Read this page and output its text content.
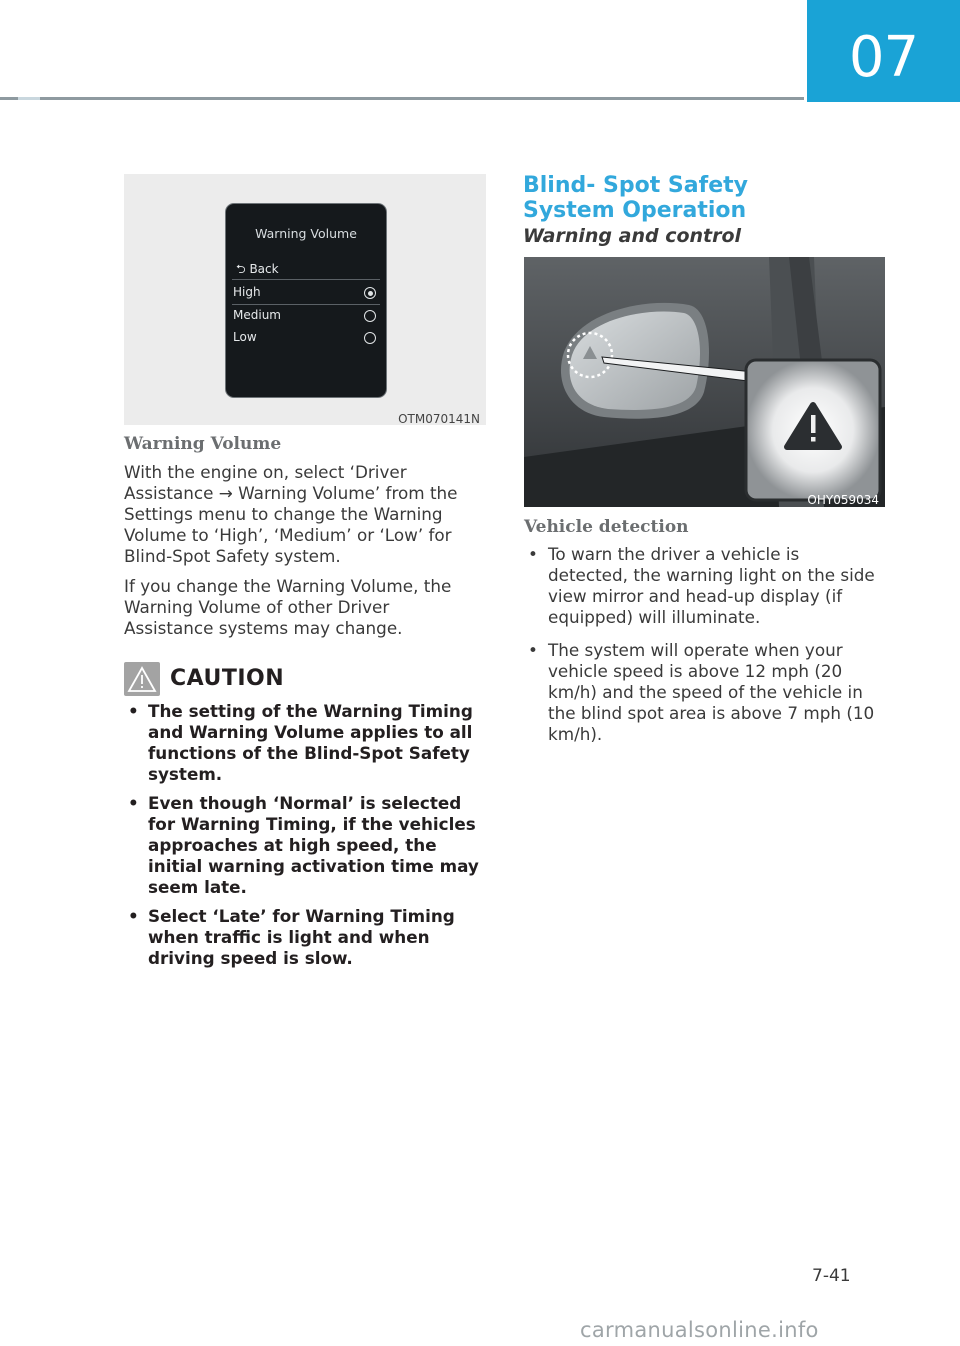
07
Warning Volume
⮌ Back
High
Medium
Low
OTM070141N
Warning Volume

With the engine on, select ‘Driver Assistance → Warning Volume’ from the Settings menu to change the Warning Volume to ‘High’, ‘Medium’ or ‘Low’ for Blind-Spot Safety system.

If you change the Warning Volume, the Warning Volume of other Driver Assistance systems may change.

CAUTION
• The setting of the Warning Timing and Warning Volume applies to all functions of the Blind-Spot Safety system.
• Even though ‘Normal’ is selected for Warning Timing, if the vehicles approaches at high speed, the initial warning activation time may seem late.
• Select ‘Late’ for Warning Timing when traffic is light and when driving speed is slow.
Blind- Spot Safety System Operation
Warning and control
OHY059034
Vehicle detection
• To warn the driver a vehicle is detected, the warning light on the side view mirror and head-up display (if equipped) will illuminate.
• The system will operate when your vehicle speed is above 12 mph (20 km/h) and the speed of the vehicle in the blind spot area is above 7 mph (10 km/h).
7-41
carmanualsonline.info
